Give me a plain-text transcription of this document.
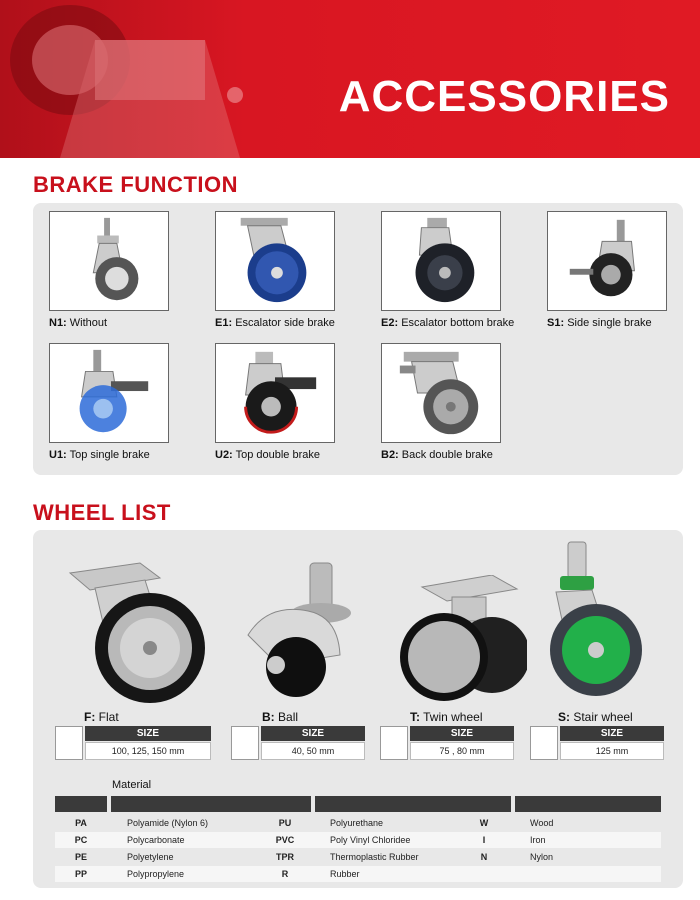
ACCESSORIES
BRAKE FUNCTION
N1: Without	E1: Escalator side brake	E2: Escalator bottom brake	S1: Side single brake
U1: Top single brake	U2: Top double brake	B2: Back double brake
WHEEL LIST
F: Flat	B: Ball	T: Twin wheel	S: Stair wheel
SIZE
100, 125, 150 mm
SIZE
40, 50 mm
SIZE
75 , 80 mm
SIZE
125 mm
Material
PA	Polyamide (Nylon 6)	PU	Polyurethane	W	Wood
PC	Polycarbonate	PVC	Poly Vinyl Chloridee	I	Iron
PE	Polyetylene	TPR	Thermoplastic Rubber	N	Nylon
PP	Polypropylene	R	Rubber
